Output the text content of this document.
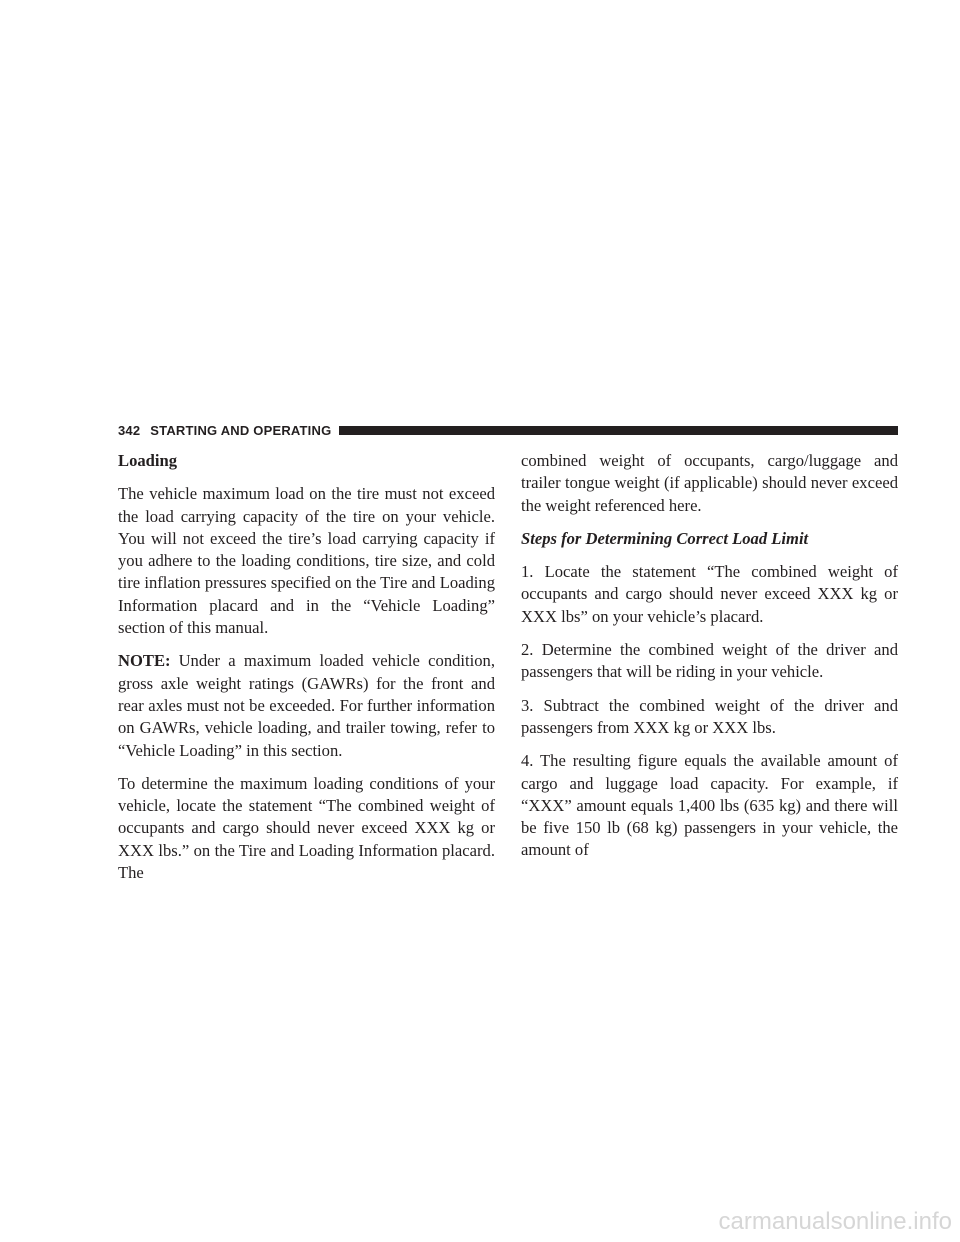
342 STARTING AND OPERATING

Loading

The vehicle maximum load on the tire must not exceed the load carrying capacity of the tire on your vehicle. You will not exceed the tire’s load carrying capacity if you adhere to the loading conditions, tire size, and cold tire inflation pressures specified on the Tire and Loading Information placard and in the “Vehicle Loading” section of this manual.

NOTE: Under a maximum loaded vehicle condition, gross axle weight ratings (GAWRs) for the front and rear axles must not be exceeded. For further information on GAWRs, vehicle loading, and trailer towing, refer to “Vehicle Loading” in this section.

To determine the maximum loading conditions of your vehicle, locate the statement “The combined weight of occupants and cargo should never exceed XXX kg or XXX lbs.” on the Tire and Loading Information placard. The

combined weight of occupants, cargo/luggage and trailer tongue weight (if applicable) should never exceed the weight referenced here.

Steps for Determining Correct Load Limit

1. Locate the statement “The combined weight of occupants and cargo should never exceed XXX kg or XXX lbs” on your vehicle’s placard.

2. Determine the combined weight of the driver and passengers that will be riding in your vehicle.

3. Subtract the combined weight of the driver and passengers from XXX kg or XXX lbs.

4. The resulting figure equals the available amount of cargo and luggage load capacity. For example, if “XXX” amount equals 1,400 lbs (635 kg) and there will be five 150 lb (68 kg) passengers in your vehicle, the amount of

carmanualsonline.info
